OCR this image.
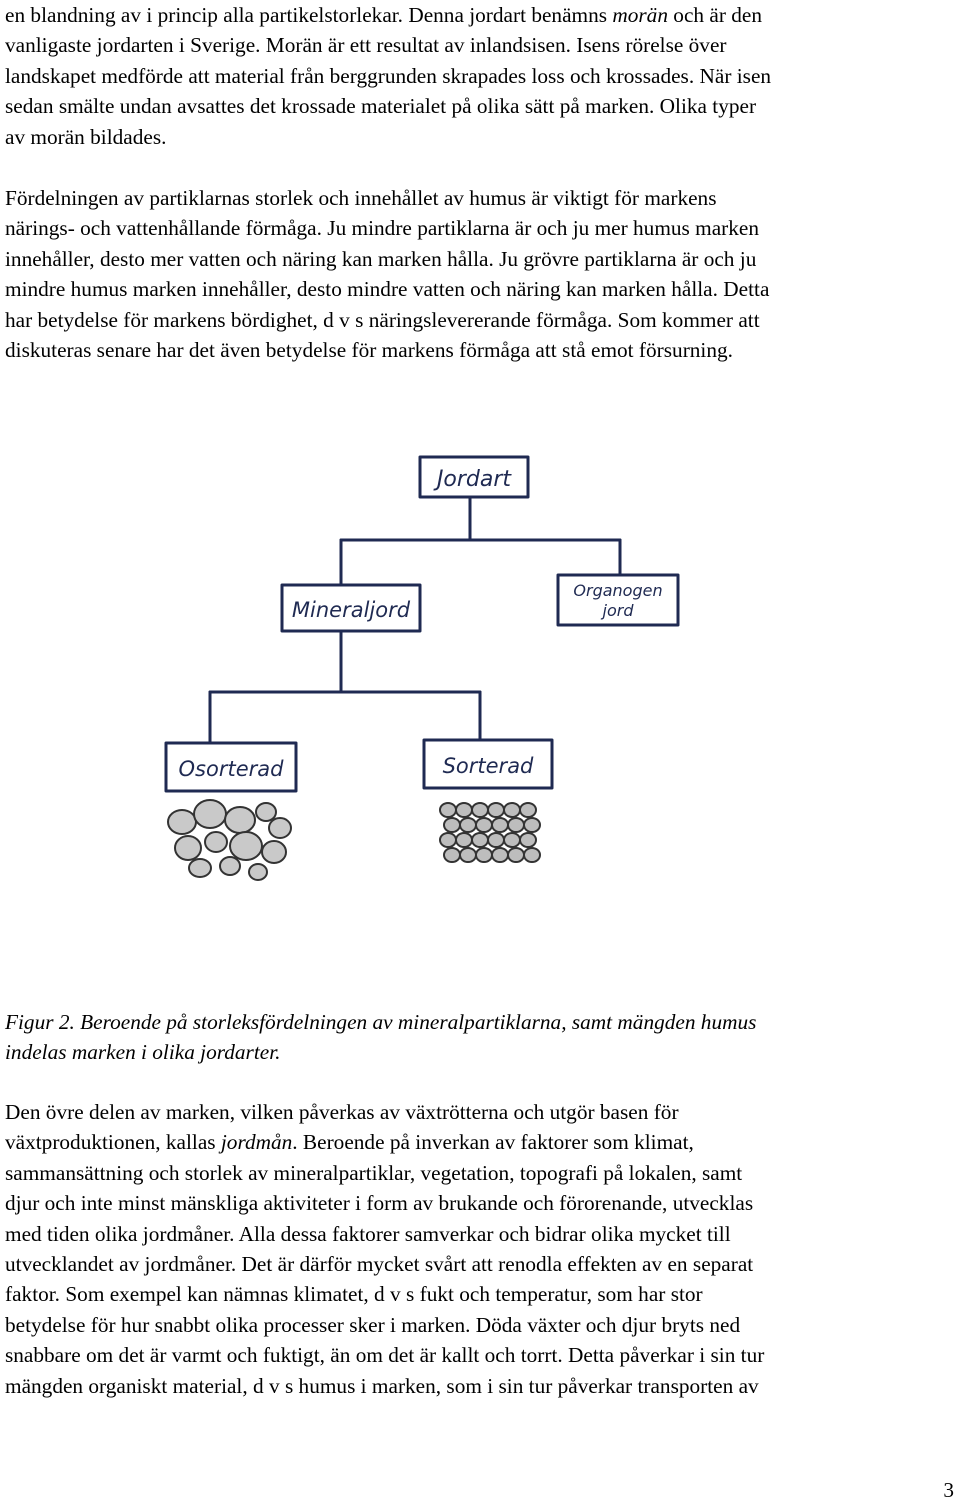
en blandning av i princip alla partikelstorlekar. Denna jordart benämns morän och är den
vanligaste jordarten i Sverige. Morän är ett resultat av inlandsisen. Isens rörelse över
landskapet medförde att material från berggrunden skrapades loss och krossades. När isen
sedan smälte undan avsattes det krossade materialet på olika sätt på marken. Olika typer
av morän bildades.

Fördelningen av partiklarnas storlek och innehållet av humus är viktigt för markens
närings- och vattenhållande förmåga. Ju mindre partiklarna är och ju mer humus marken
innehåller, desto mer vatten och näring kan marken hålla. Ju grövre partiklarna är och ju
mindre humus marken innehåller, desto mindre vatten och näring kan marken hålla. Detta
har betydelse för markens bördighet, d v s näringslevererande förmåga. Som kommer att
diskuteras senare har det även betydelse för markens förmåga att stå emot försurning.

Jordart
Mineraljord
Organogen
jord
Osorterad	Sorterad

Figur 2. Beroende på storleksfördelningen av mineralpartiklarna, samt mängden humus
indelas marken i olika jordarter.

Den övre delen av marken, vilken påverkas av växtrötterna och utgör basen för
växtproduktionen, kallas jordmån. Beroende på inverkan av faktorer som klimat,
sammansättning och storlek av mineralpartiklar, vegetation, topografi på lokalen, samt
djur och inte minst mänskliga aktiviteter i form av brukande och förorenande, utvecklas
med tiden olika jordmåner. Alla dessa faktorer samverkar och bidrar olika mycket till
utvecklandet av jordmåner. Det är därför mycket svårt att renodla effekten av en separat
faktor. Som exempel kan nämnas klimatet, d v s fukt och temperatur, som har stor
betydelse för hur snabbt olika processer sker i marken. Döda växter och djur bryts ned
snabbare om det är varmt och fuktigt, än om det är kallt och torrt. Detta påverkar i sin tur
mängden organiskt material, d v s humus i marken, som i sin tur påverkar transporten av

3
